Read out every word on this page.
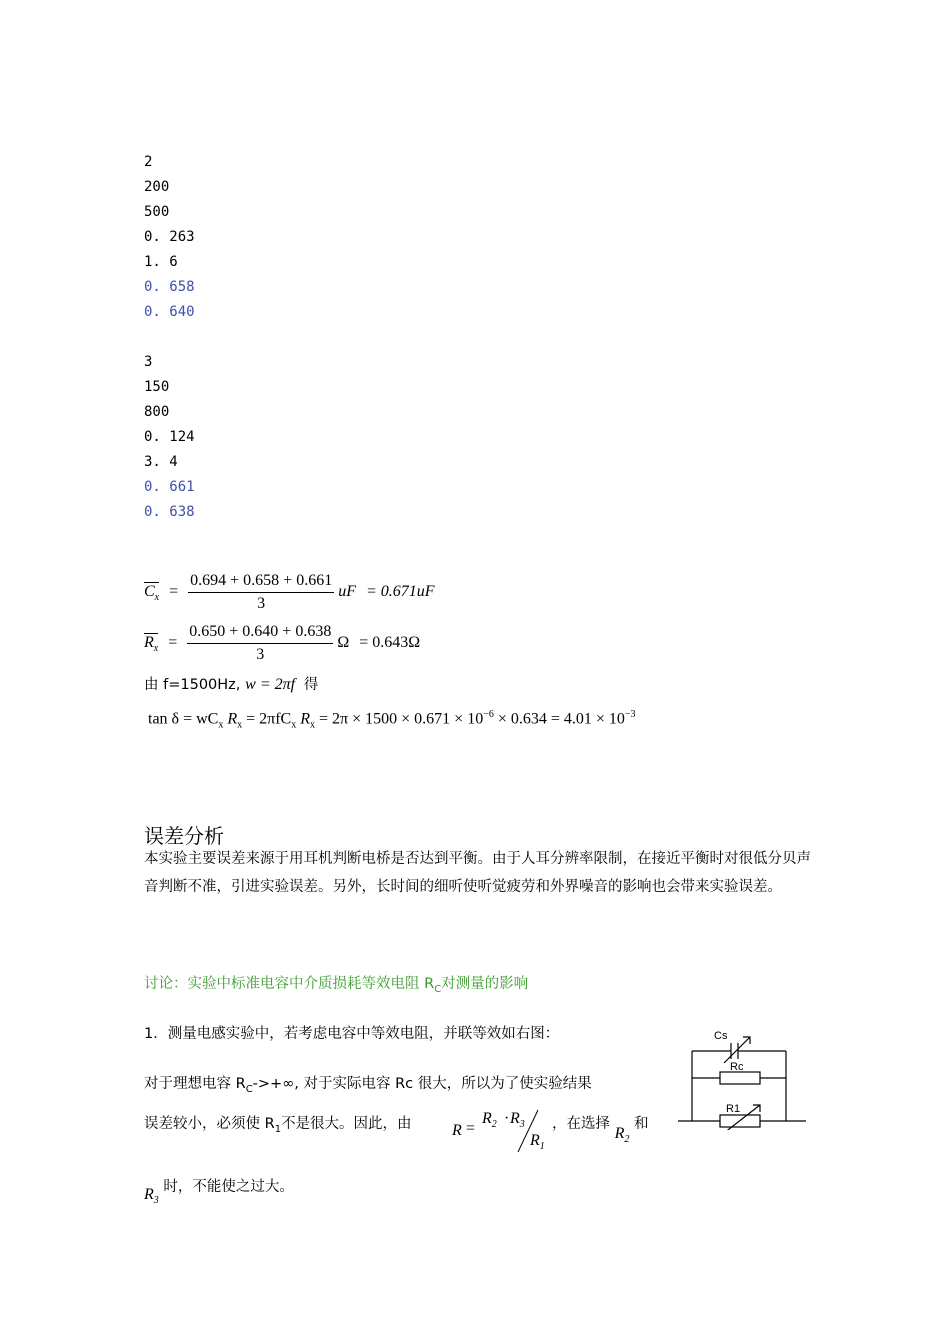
2
200
500
0. 263
1. 6
0. 658
0. 640
3
150
800
0. 124
3. 4
0. 661
0. 638
$C_x = \frac{0.694 + 0.658 + 0.661}{3}$ uF = 0.671uF
$R_x = \frac{0.650 + 0.640 + 0.638}{3}$ Ω = 0.643Ω
由 f=1500Hz, w = 2πf 得
$\tan \delta = wC_x$ $R_x = 2\pi fC_x$ $R_x = 2\pi \times 1500 \times 0.671 \times 10^{-6} \times 0.634 = 4.01 \times 10^{-3}$
误差分析
本实验主要误差来源于用耳机判断电桥是否达到平衡。由于人耳分辨率限制，在接近平衡时对很低分贝声音判断不准，引进实验误差。另外，长时间的细听使听觉疲劳和外界噪音的影响也会带来实验误差。
讨论：实验中标准电容中介质损耗等效电阻 $R_C$对测量的影响
1．测量电感实验中，若考虑电容中等效电阻，并联等效如右图：
对于理想电容 $R_C->+\infty$, 对于实际电容 Rc 很大，所以为了使实验结果
误差较小，必须使 $R_1$不是很大。因此，由	R =
$R_2 \cdot R_3$
$R_1$
，在选择 $R_2$ 和
$R_3$ 时，不能使之过大。
Cs
Rc
R1
